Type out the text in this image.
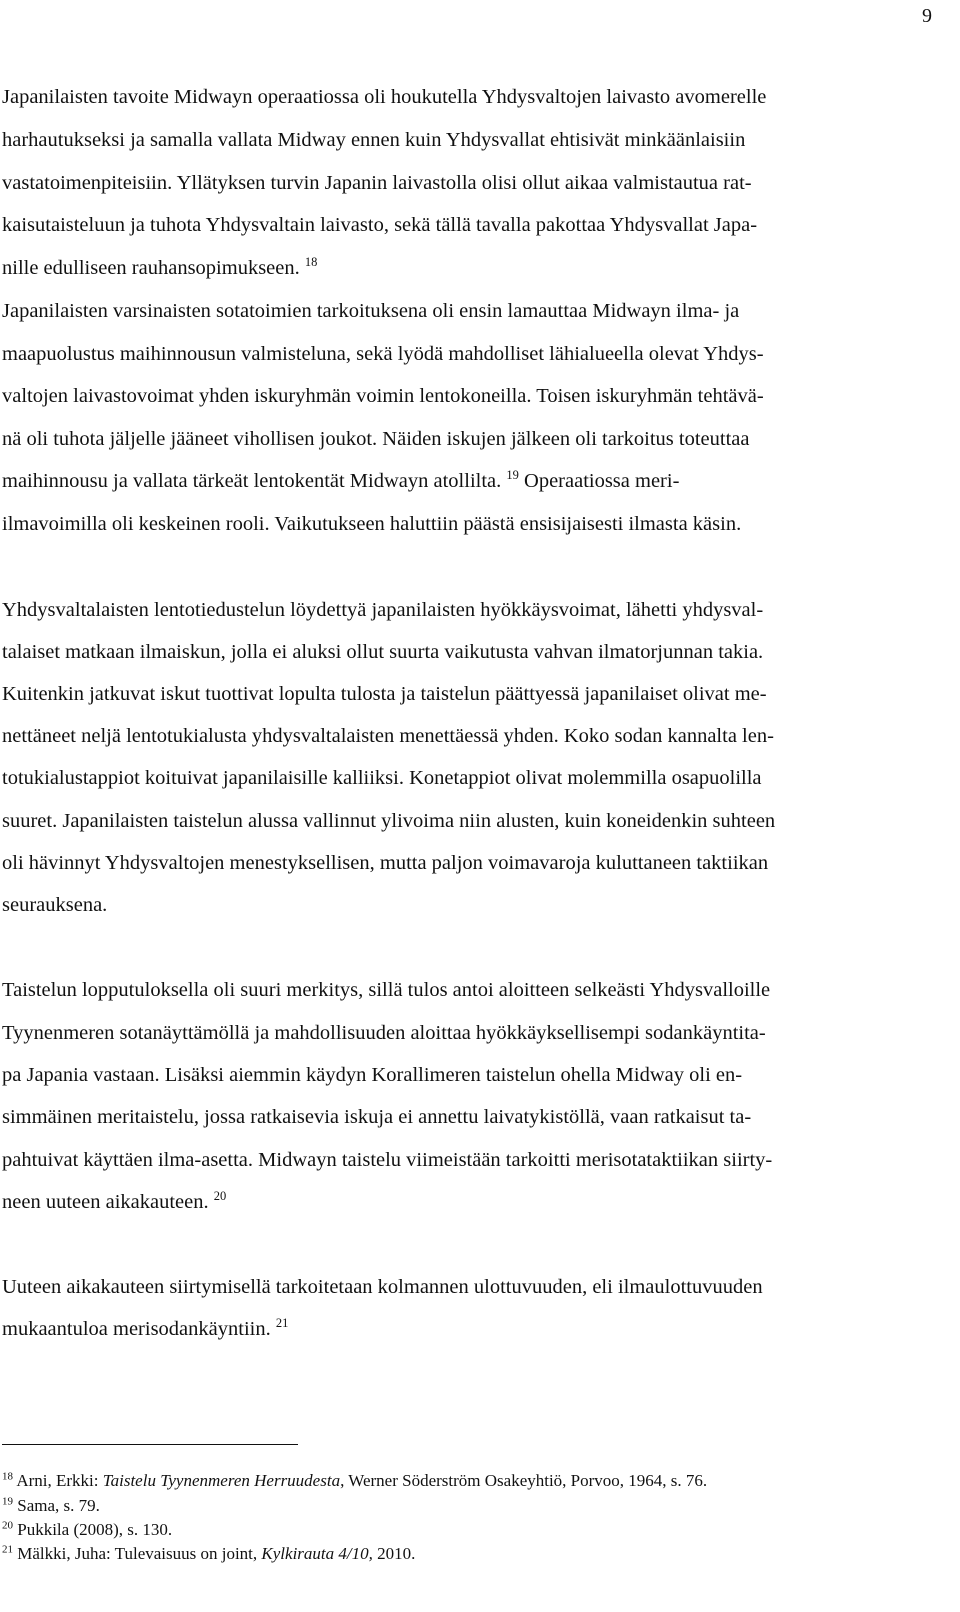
9

Japanilaisten tavoite Midwayn operaatiossa oli houkutella Yhdysvaltojen laivasto avomerelle

harhautukseksi ja samalla vallata Midway ennen kuin Yhdysvallat ehtisivät minkäänlaisiin

vastatoimenpiteisiin. Yllätyksen turvin Japanin laivastolla olisi ollut aikaa valmistautua rat-

kaisutaisteluun ja tuhota Yhdysvaltain laivasto, sekä tällä tavalla pakottaa Yhdysvallat Japa-

nille edulliseen rauhansopimukseen. $^{18}$

Japanilaisten varsinaisten sotatoimien tarkoituksena oli ensin lamauttaa Midwayn ilma- ja

maapuolustus maihinnousun valmisteluna, sekä lyödä mahdolliset lähialueella olevat Yhdys-

valtojen laivastovoimat yhden iskuryhmän voimin lentokoneilla. Toisen iskuryhmän tehtävä-

nä oli tuhota jäljelle jääneet vihollisen joukot. Näiden iskujen jälkeen oli tarkoitus toteuttaa

maihinnousu ja vallata tärkeät lentokentät Midwayn atollilta. $^{19}$ Operaatiossa meri-

ilmavoimilla oli keskeinen rooli. Vaikutukseen haluttiin päästä ensisijaisesti ilmasta käsin.

Yhdysvaltalaisten lentotiedustelun löydettyä japanilaisten hyökkäysvoimat, lähetti yhdysval-

talaiset matkaan ilmaiskun, jolla ei aluksi ollut suurta vaikutusta vahvan ilmatorjunnan takia.

Kuitenkin jatkuvat iskut tuottivat lopulta tulosta ja taistelun päättyessä japanilaiset olivat me-

nettäneet neljä lentotukialusta yhdysvaltalaisten menettäessä yhden. Koko sodan kannalta len-

totukialustappiot koituivat japanilaisille kalliiksi. Konetappiot olivat molemmilla osapuolilla

suuret. Japanilaisten taistelun alussa vallinnut ylivoima niin alusten, kuin koneidenkin suhteen

oli hävinnyt Yhdysvaltojen menestyksellisen, mutta paljon voimavaroja kuluttaneen taktiikan

seurauksena.

Taistelun lopputuloksella oli suuri merkitys, sillä tulos antoi aloitteen selkeästi Yhdysvalloille

Tyynenmeren sotanäyttämöllä ja mahdollisuuden aloittaa hyökkäyksellisempi sodankäyntita-

pa Japania vastaan. Lisäksi aiemmin käydyn Korallimeren taistelun ohella Midway oli en-

simmäinen meritaistelu, jossa ratkaisevia iskuja ei annettu laivatykistöllä, vaan ratkaisut ta-

pahtuivat käyttäen ilma-asetta. Midwayn taistelu viimeistään tarkoitti merisotataktiikan siirty-

neen uuteen aikakauteen. $^{20}$

Uuteen aikakauteen siirtymisellä tarkoitetaan kolmannen ulottuvuuden, eli ilmaulottuvuuden

mukaantuloa merisodankäyntiin. $^{21}$

$^{18}$ Arni, Erkki: Taistelu Tyynenmeren Herruudesta, Werner Söderström Osakeyhtiö, Porvoo, 1964, s. 76.

$^{19}$ Sama, s. 79.

$^{20}$ Pukkila (2008), s. 130.

$^{21}$ Mälkki, Juha: Tulevaisuus on joint, Kylkirauta 4/10, 2010.
